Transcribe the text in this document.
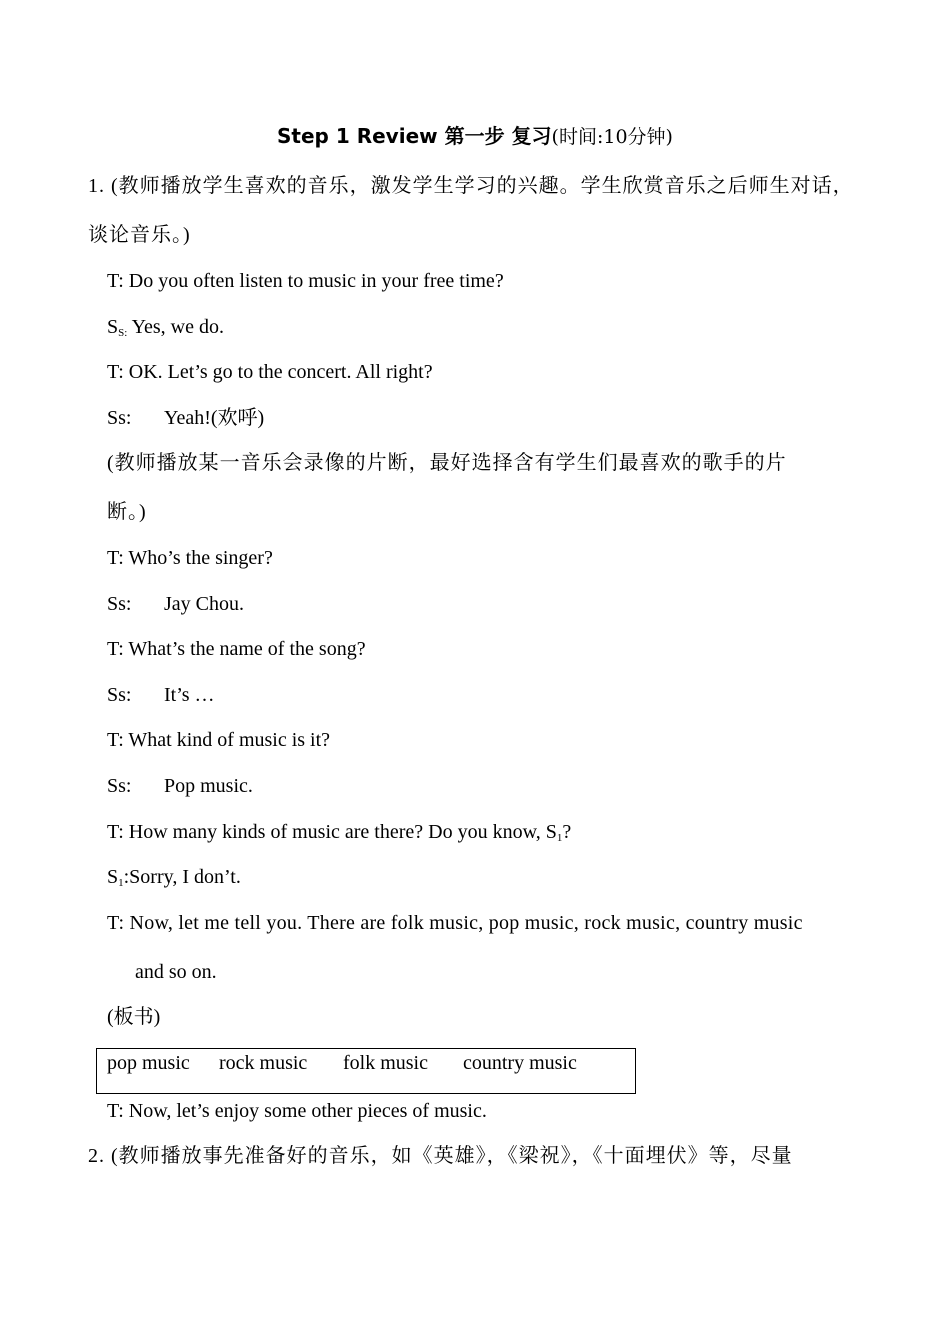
Step 1 Review 第一步 复习(时间:10分钟)
1. (教师播放学生喜欢的音乐，激发学生学习的兴趣。学生欣赏音乐之后师生对话，
谈论音乐。)
T: Do you often listen to music in your free time?
$S_{S:}$ Yes, we do.
T: OK. Let’s go to the concert. All right?
Ss: Yeah!(欢呼)
(教师播放某一音乐会录像的片断，最好选择含有学生们最喜欢的歌手的片
断。)
T: Who’s the singer?
Ss: Jay Chou.
T: What’s the name of the song?
Ss: It’s …
T: What kind of music is it?
Ss: Pop music.
T: How many kinds of music are there? Do you know, $S_1$?
$S_1:Sorry$, I don’t.
T: Now, let me tell you. There are folk music, pop music, rock music, country music
and so on.
(板书)
pop music rock music folk music country music
T: Now, let’s enjoy some other pieces of music.
2. (教师播放事先准备好的音乐，如《英雄》，《梁祝》，《十面埋伏》等，尽量
